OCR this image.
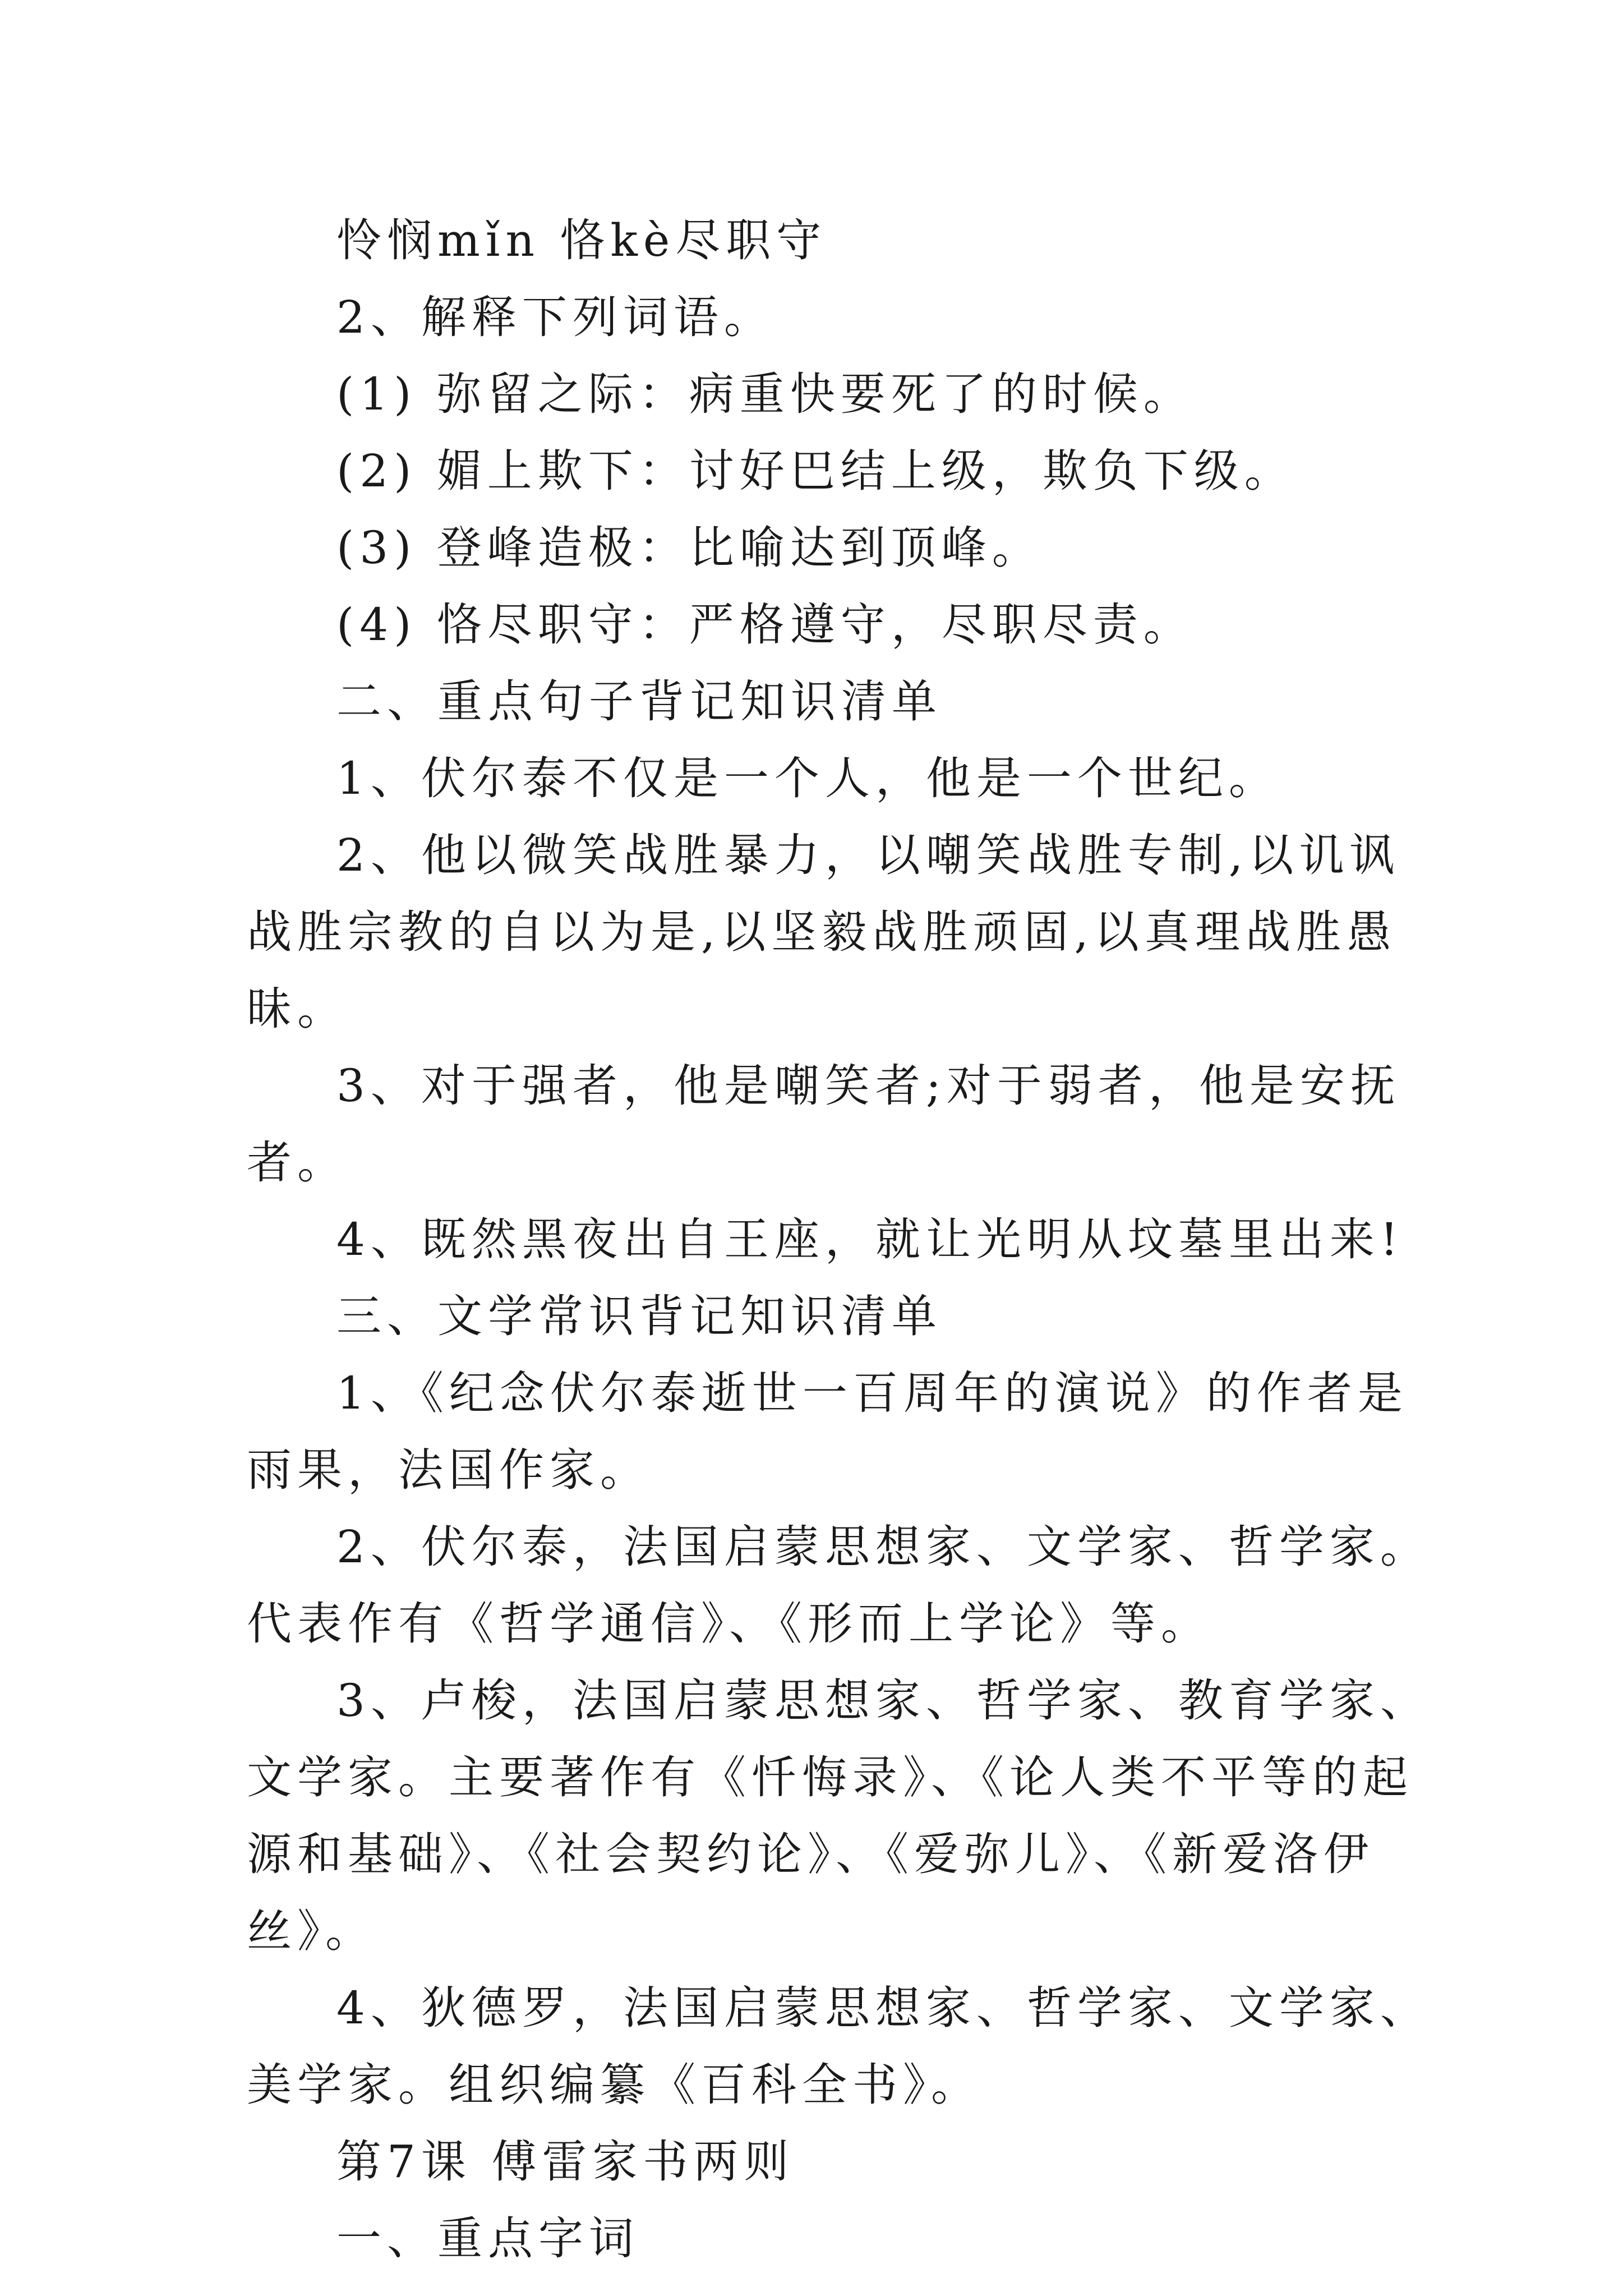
怜悯mǐn 恪kè尽职守

2、解释下列词语。

(1) 弥留之际：病重快要死了的时候。

(2) 媚上欺下：讨好巴结上级，欺负下级。

(3) 登峰造极：比喻达到顶峰。

(4) 恪尽职守：严格遵守，尽职尽责。

二、重点句子背记知识清单

1、伏尔泰不仅是一个人，他是一个世纪。

2、他以微笑战胜暴力，以嘲笑战胜专制,以讥讽战胜宗教的自以为是,以坚毅战胜顽固,以真理战胜愚昧。

3、对于强者，他是嘲笑者;对于弱者，他是安抚者。

4、既然黑夜出自王座，就让光明从坟墓里出来!

三、文学常识背记知识清单

1、《纪念伏尔泰逝世一百周年的演说》的作者是雨果，法国作家。

2、伏尔泰，法国启蒙思想家、文学家、哲学家。代表作有《哲学通信》、《形而上学论》等。

3、卢梭，法国启蒙思想家、哲学家、教育学家、文学家。主要著作有《忏悔录》、《论人类不平等的起源和基础》、《社会契约论》、《爱弥儿》、《新爱洛伊丝》。

4、狄德罗，法国启蒙思想家、哲学家、文学家、美学家。组织编纂《百科全书》。

第7课 傅雷家书两则

一、重点字词
